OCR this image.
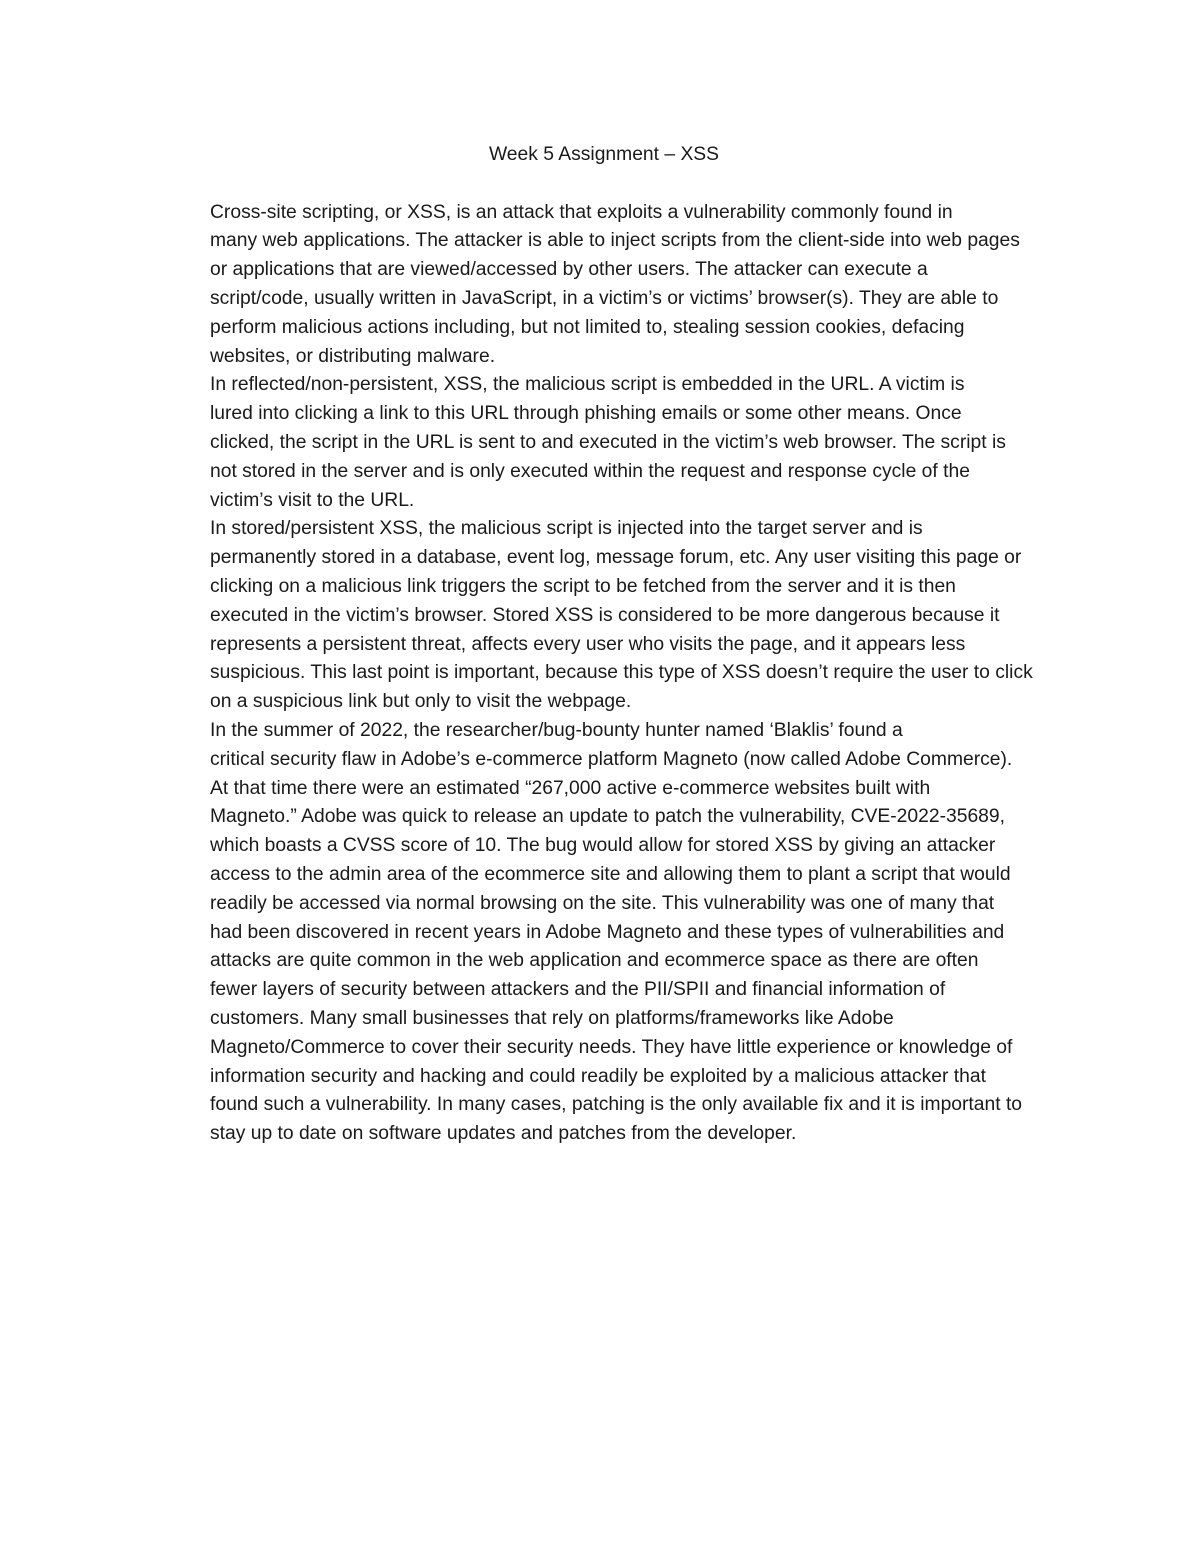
Week 5 Assignment – XSS

Cross-site scripting, or XSS, is an attack that exploits a vulnerability commonly found in
many web applications. The attacker is able to inject scripts from the client-side into web pages
or applications that are viewed/accessed by other users. The attacker can execute a
script/code, usually written in JavaScript, in a victim’s or victims’ browser(s). They are able to
perform malicious actions including, but not limited to, stealing session cookies, defacing
websites, or distributing malware.

In reflected/non-persistent, XSS, the malicious script is embedded in the URL. A victim is
lured into clicking a link to this URL through phishing emails or some other means. Once
clicked, the script in the URL is sent to and executed in the victim’s web browser. The script is
not stored in the server and is only executed within the request and response cycle of the
victim’s visit to the URL.

In stored/persistent XSS, the malicious script is injected into the target server and is
permanently stored in a database, event log, message forum, etc. Any user visiting this page or
clicking on a malicious link triggers the script to be fetched from the server and it is then
executed in the victim’s browser. Stored XSS is considered to be more dangerous because it
represents a persistent threat, affects every user who visits the page, and it appears less
suspicious. This last point is important, because this type of XSS doesn’t require the user to click
on a suspicious link but only to visit the webpage.

In the summer of 2022, the researcher/bug-bounty hunter named ‘Blaklis’ found a
critical security flaw in Adobe’s e-commerce platform Magneto (now called Adobe Commerce).
At that time there were an estimated “267,000 active e-commerce websites built with
Magneto.” Adobe was quick to release an update to patch the vulnerability, CVE-2022-35689,
which boasts a CVSS score of 10. The bug would allow for stored XSS by giving an attacker
access to the admin area of the ecommerce site and allowing them to plant a script that would
readily be accessed via normal browsing on the site. This vulnerability was one of many that
had been discovered in recent years in Adobe Magneto and these types of vulnerabilities and
attacks are quite common in the web application and ecommerce space as there are often
fewer layers of security between attackers and the PII/SPII and financial information of
customers. Many small businesses that rely on platforms/frameworks like Adobe
Magneto/Commerce to cover their security needs. They have little experience or knowledge of
information security and hacking and could readily be exploited by a malicious attacker that
found such a vulnerability. In many cases, patching is the only available fix and it is important to
stay up to date on software updates and patches from the developer.
